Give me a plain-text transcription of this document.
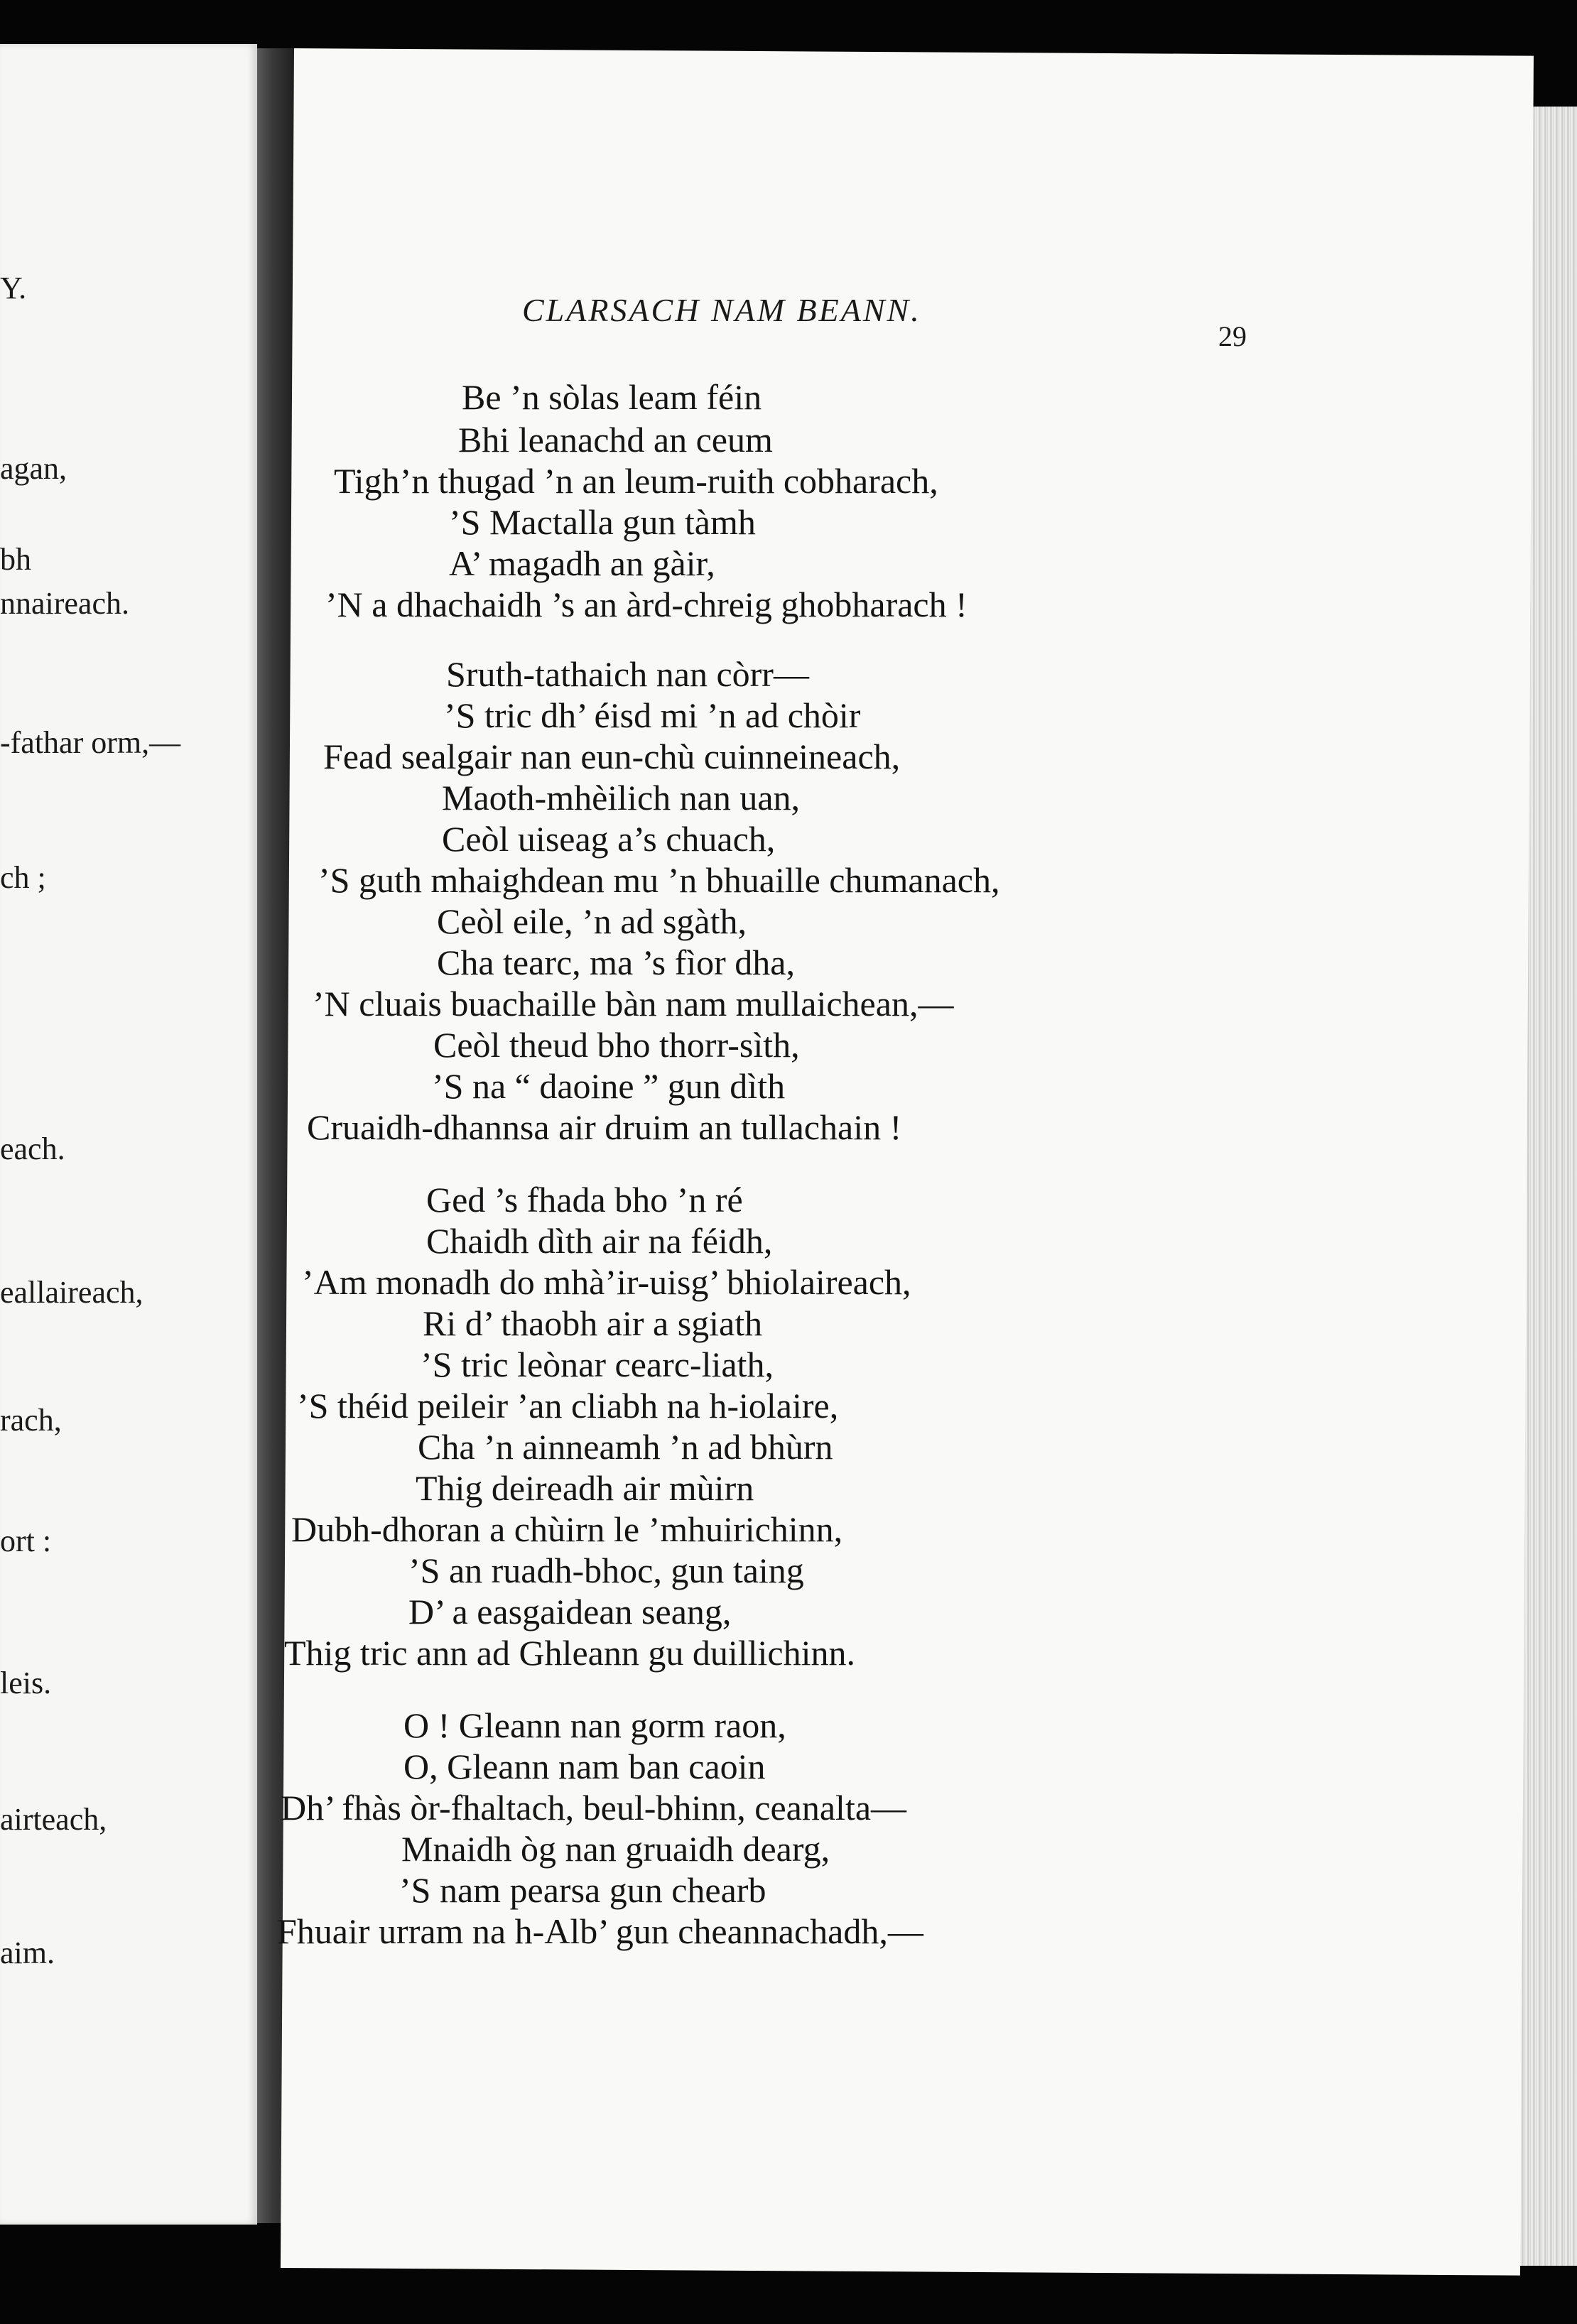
Y.
agan,
bh
nnaireach.
-fathar orm,—
ch ;
each.
eallaireach,
rach,
ort :
leis.
airteach,
aim.
CLARSACH NAM BEANN.
29
Be ’n sòlas leam féin
Bhi leanachd an ceum
Tigh’n thugad ’n an leum-ruith cobharach,
’S Mactalla gun tàmh
A’ magadh an gàir,
’N a dhachaidh ’s an àrd-chreig ghobharach !
Sruth-tathaich nan còrr—
’S tric dh’ éisd mi ’n ad chòir
Fead sealgair nan eun-chù cuinneineach,
Maoth-mhèilich nan uan,
Ceòl uiseag a’s chuach,
’S guth mhaighdean mu ’n bhuaille chumanach,
Ceòl eile, ’n ad sgàth,
Cha tearc, ma ’s fìor dha,
’N cluais buachaille bàn nam mullaichean,—
Ceòl theud bho thorr-sìth,
’S na “ daoine ” gun dìth
Cruaidh-dhannsa air druim an tullachain !
Ged ’s fhada bho ’n ré
Chaidh dìth air na féidh,
’Am monadh do mhà’ir-uisg’ bhiolaireach,
Ri d’ thaobh air a sgiath
’S tric leònar cearc-liath,
’S théid peileir ’an cliabh na h-iolaire,
Cha ’n ainneamh ’n ad bhùrn
Thig deireadh air mùirn
Dubh-dhoran a chùirn le ’mhuirichinn,
’S an ruadh-bhoc, gun taing
D’ a easgaidean seang,
Thig tric ann ad Ghleann gu duillichinn.
O ! Gleann nan gorm raon,
O, Gleann nam ban caoin
Dh’ fhàs òr-fhaltach, beul-bhinn, ceanalta—
Mnaidh òg nan gruaidh dearg,
’S nam pearsa gun chearb
Fhuair urram na h-Alb’ gun cheannachadh,—
